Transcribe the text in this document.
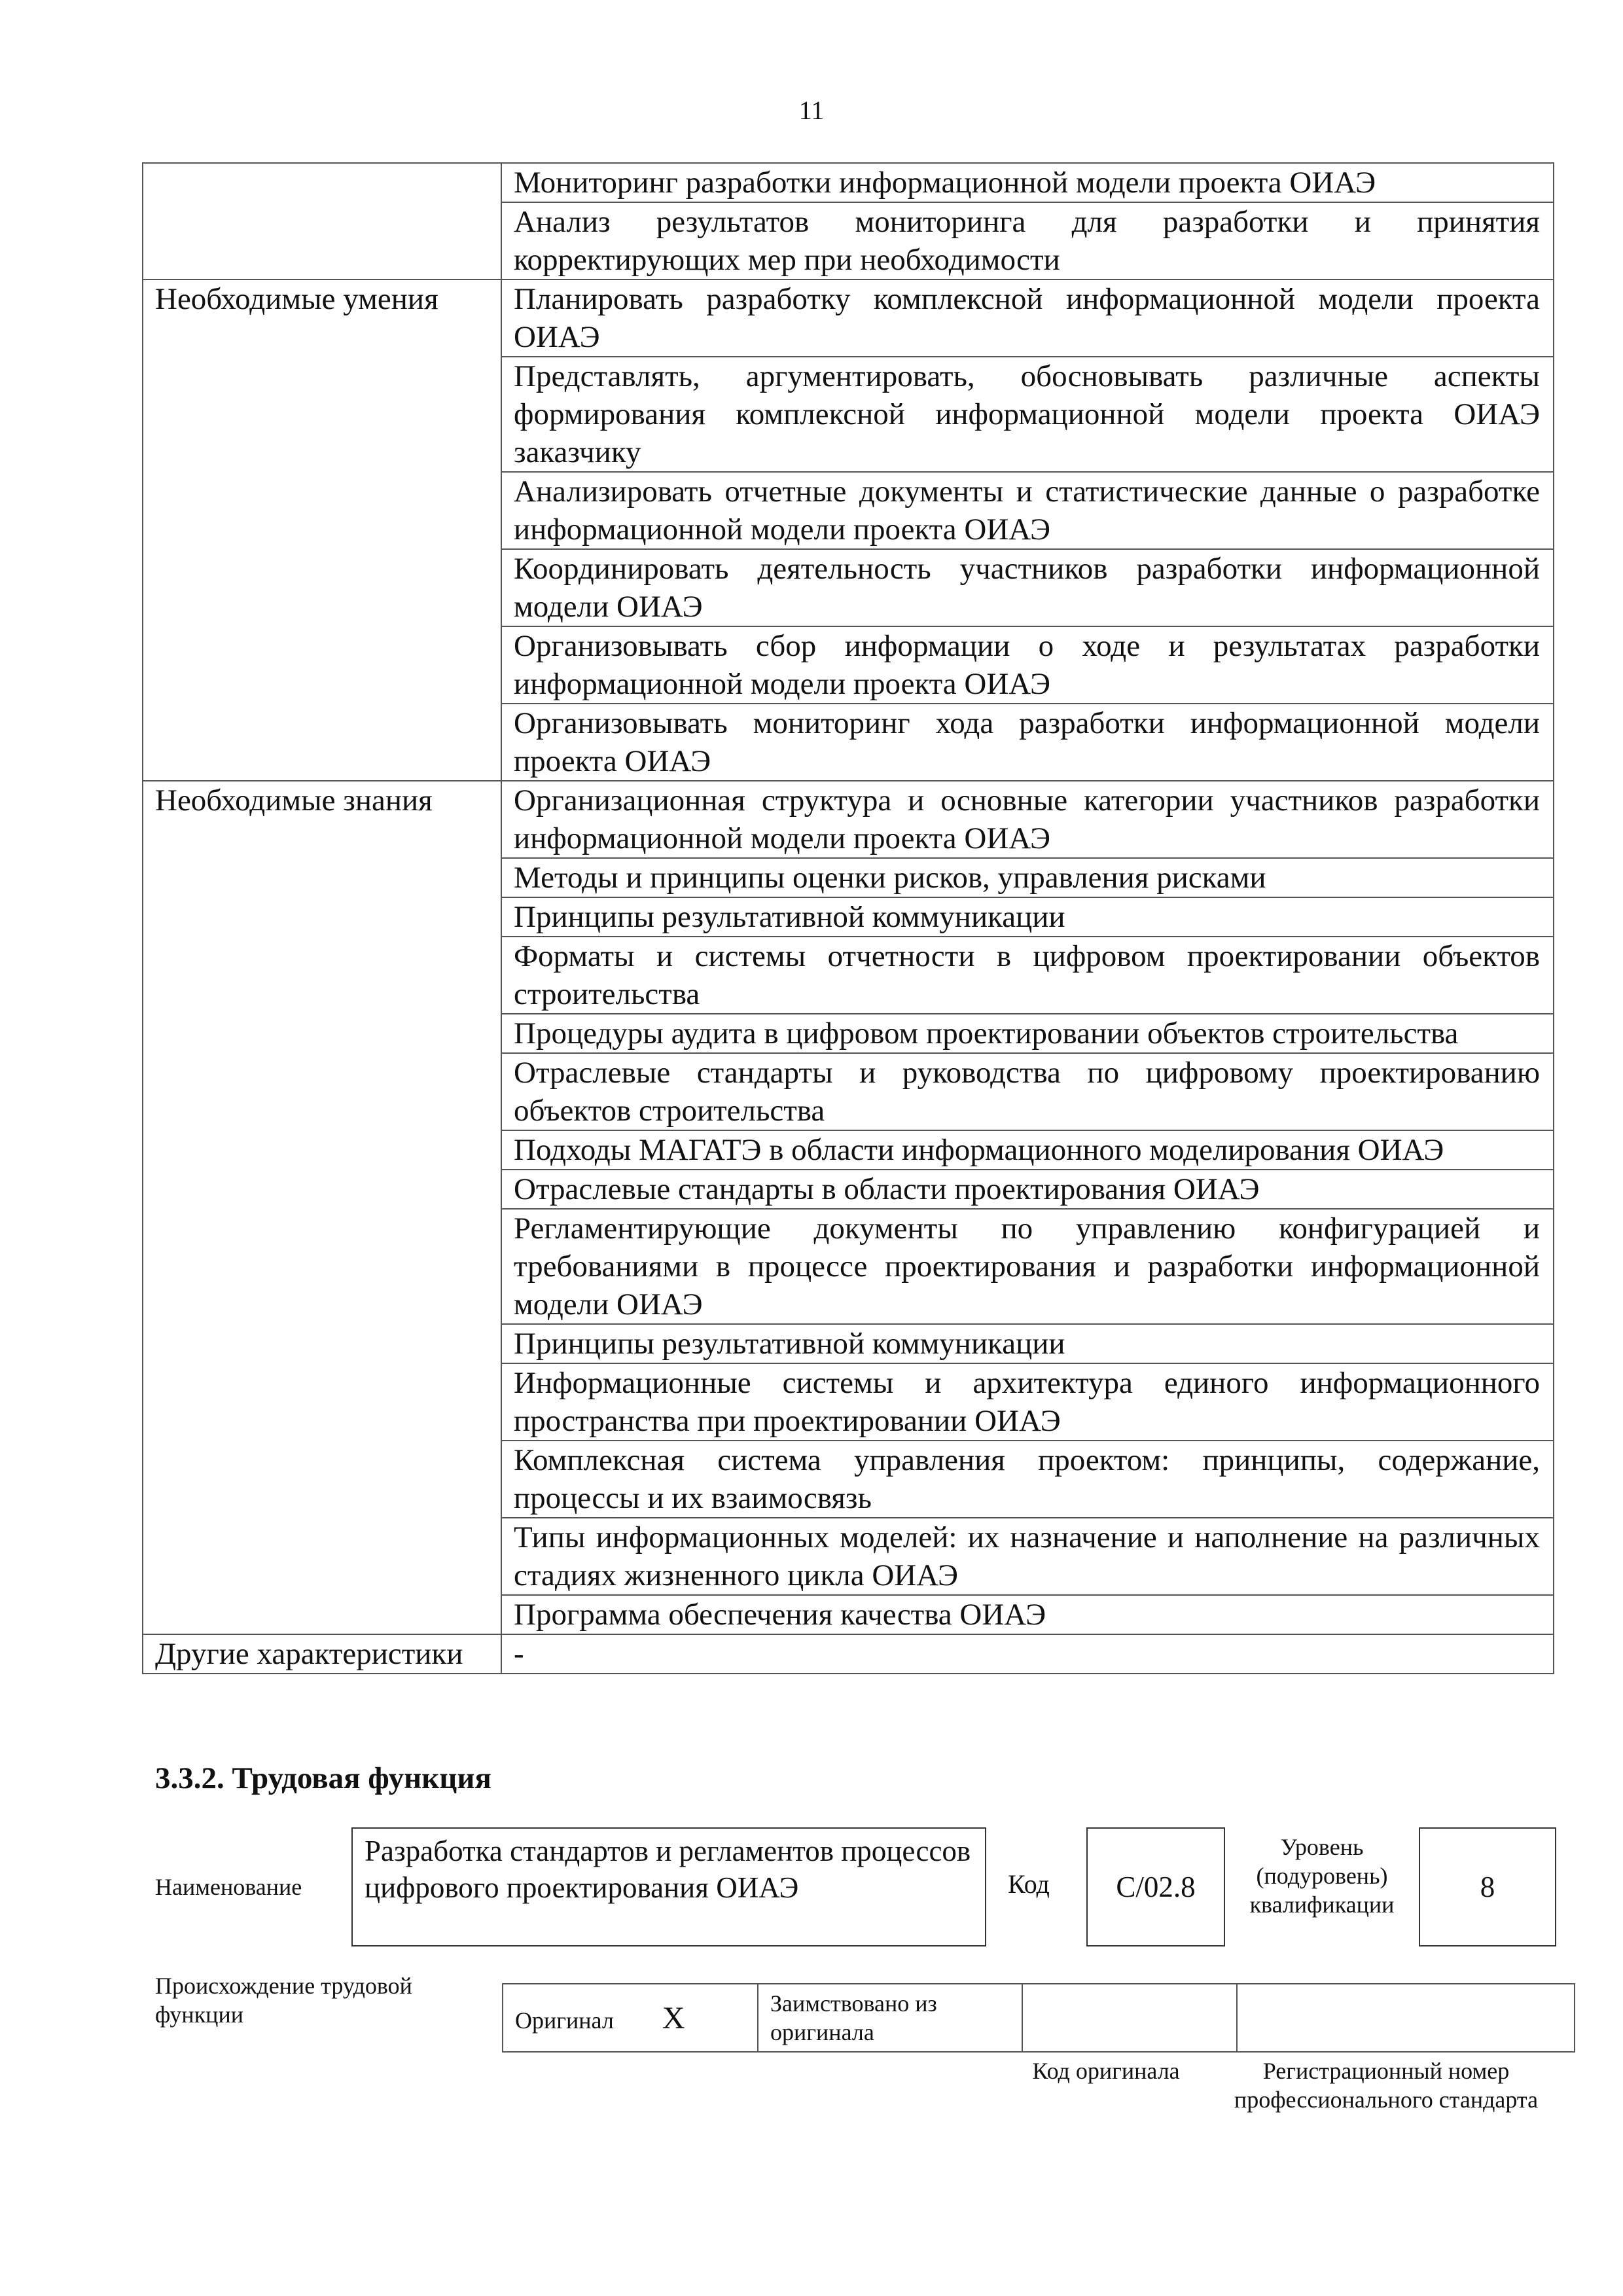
11
	Мониторинг разработки информационной модели проекта ОИАЭ
	Анализ результатов мониторинга для разработки и принятия корректирующих мер при необходимости
Необходимые умения	Планировать разработку комплексной информационной модели проекта ОИАЭ
	Представлять, аргументировать, обосновывать различные аспекты формирования комплексной информационной модели проекта ОИАЭ заказчику
	Анализировать отчетные документы и статистические данные о разработке информационной модели проекта ОИАЭ
	Координировать деятельность участников разработки информационной модели ОИАЭ
	Организовывать сбор информации о ходе и результатах разработки информационной модели проекта ОИАЭ
	Организовывать мониторинг хода разработки информационной модели проекта ОИАЭ
Необходимые знания	Организационная структура и основные категории участников разработки информационной модели проекта ОИАЭ
	Методы и принципы оценки рисков, управления рисками
	Принципы результативной коммуникации
	Форматы и системы отчетности в цифровом проектировании объектов строительства
	Процедуры аудита в цифровом проектировании объектов строительства
	Отраслевые стандарты и руководства по цифровому проектированию объектов строительства
	Подходы МАГАТЭ в области информационного моделирования ОИАЭ
	Отраслевые стандарты в области проектирования ОИАЭ
	Регламентирующие документы по управлению конфигурацией и требованиями в процессе проектирования и разработки информационной модели ОИАЭ
	Принципы результативной коммуникации
	Информационные системы и архитектура единого информационного пространства при проектировании ОИАЭ
	Комплексная система управления проектом: принципы, содержание, процессы и их взаимосвязь
	Типы информационных моделей: их назначение и наполнение на различных стадиях жизненного цикла ОИАЭ
	Программа обеспечения качества ОИАЭ
Другие характеристики	-
3.3.2. Трудовая функция
Наименование
Разработка стандартов и регламентов процессов цифрового проектирования ОИАЭ	Код	С/02.8
Уровень (подуровень) квалификации
8
Происхождение трудовой функции	Оригинал X	Заимствовано из оригинала		
Код оригинала	Регистрационный номер профессионального стандарта
